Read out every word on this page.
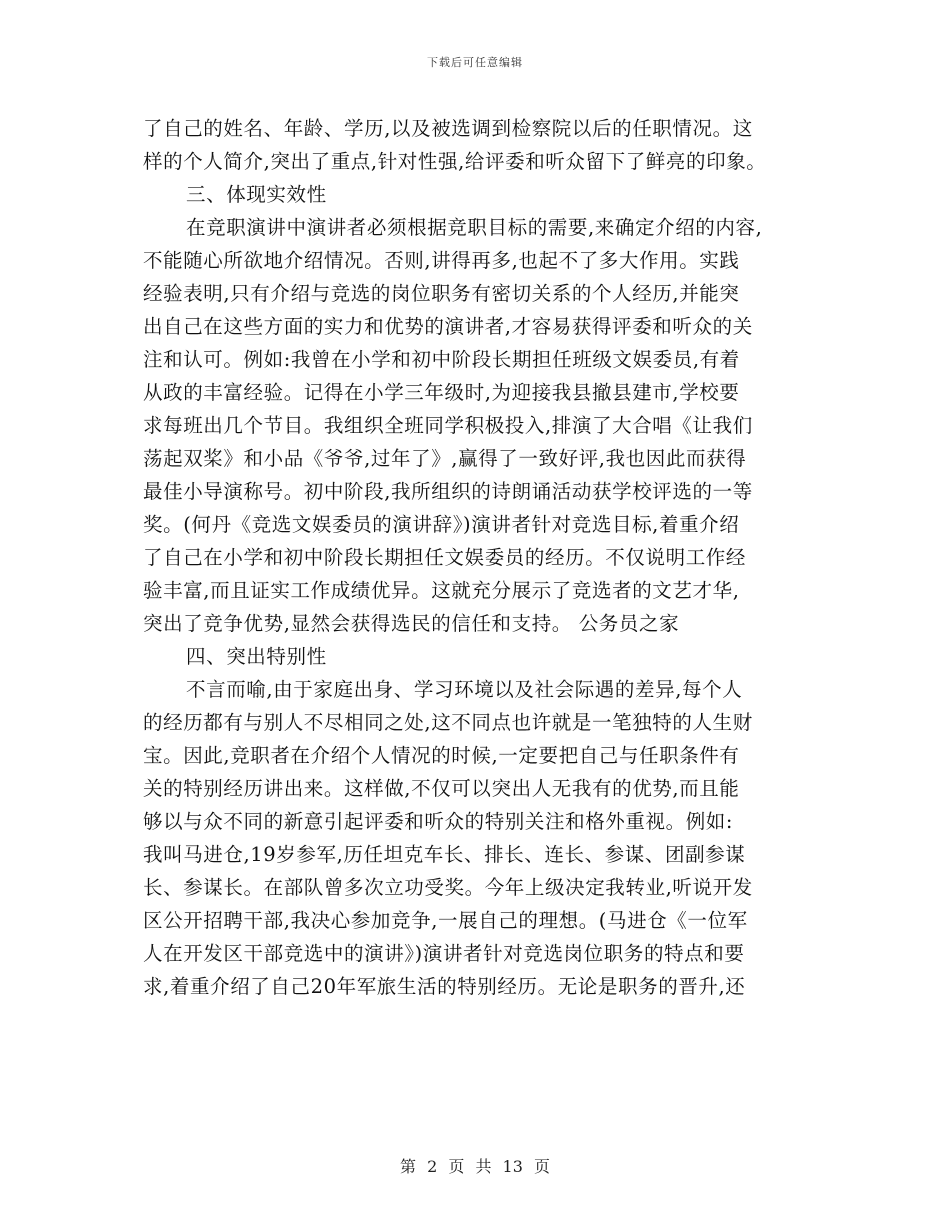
下载后可任意编辑
了自己的姓名、年龄、学历,以及被选调到检察院以后的任职情况。这
样的个人简介,突出了重点,针对性强,给评委和听众留下了鲜亮的印象。
三、体现实效性
在竞职演讲中演讲者必须根据竞职目标的需要,来确定介绍的内容,
不能随心所欲地介绍情况。否则,讲得再多,也起不了多大作用。实践
经验表明,只有介绍与竞选的岗位职务有密切关系的个人经历,并能突
出自己在这些方面的实力和优势的演讲者,才容易获得评委和听众的关
注和认可。例如:我曾在小学和初中阶段长期担任班级文娱委员,有着
从政的丰富经验。记得在小学三年级时,为迎接我县撤县建市,学校要
求每班出几个节目。我组织全班同学积极投入,排演了大合唱《让我们
荡起双桨》和小品《爷爷,过年了》,赢得了一致好评,我也因此而获得
最佳小导演称号。初中阶段,我所组织的诗朗诵活动获学校评选的一等
奖。(何丹《竞选文娱委员的演讲辞》)演讲者针对竞选目标,着重介绍
了自己在小学和初中阶段长期担任文娱委员的经历。不仅说明工作经
验丰富,而且证实工作成绩优异。这就充分展示了竞选者的文艺才华,
突出了竞争优势,显然会获得选民的信任和支持。 公务员之家
四、突出特别性
不言而喻,由于家庭出身、学习环境以及社会际遇的差异,每个人
的经历都有与别人不尽相同之处,这不同点也许就是一笔独特的人生财
宝。因此,竞职者在介绍个人情况的时候,一定要把自己与任职条件有
关的特别经历讲出来。这样做,不仅可以突出人无我有的优势,而且能
够以与众不同的新意引起评委和听众的特别关注和格外重视。例如:
我叫马进仓,19岁参军,历任坦克车长、排长、连长、参谋、团副参谋
长、参谋长。在部队曾多次立功受奖。今年上级决定我转业,听说开发
区公开招聘干部,我决心参加竞争,一展自己的理想。(马进仓《一位军
人在开发区干部竞选中的演讲》)演讲者针对竞选岗位职务的特点和要
求,着重介绍了自己20年军旅生活的特别经历。无论是职务的晋升,还
第 2 页 共 13 页
